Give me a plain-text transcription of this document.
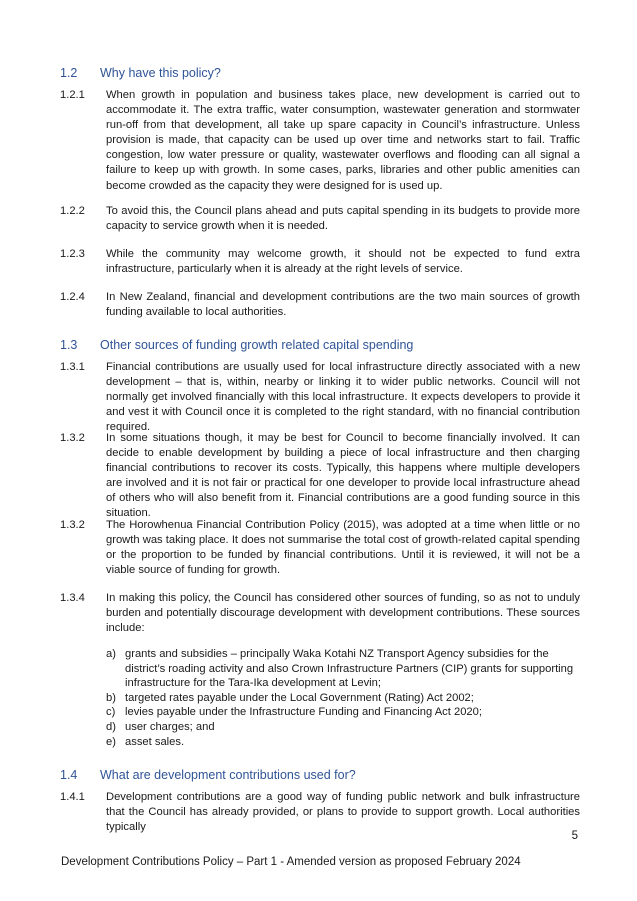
1.2 Why have this policy?
1.2.1 When growth in population and business takes place, new development is carried out to accommodate it. The extra traffic, water consumption, wastewater generation and stormwater run-off from that development, all take up spare capacity in Council’s infrastructure. Unless provision is made, that capacity can be used up over time and networks start to fail. Traffic congestion, low water pressure or quality, wastewater overflows and flooding can all signal a failure to keep up with growth. In some cases, parks, libraries and other public amenities can become crowded as the capacity they were designed for is used up.
1.2.2 To avoid this, the Council plans ahead and puts capital spending in its budgets to provide more capacity to service growth when it is needed.
1.2.3 While the community may welcome growth, it should not be expected to fund extra infrastructure, particularly when it is already at the right levels of service.
1.2.4 In New Zealand, financial and development contributions are the two main sources of growth funding available to local authorities.
1.3 Other sources of funding growth related capital spending
1.3.1 Financial contributions are usually used for local infrastructure directly associated with a new development – that is, within, nearby or linking it to wider public networks. Council will not normally get involved financially with this local infrastructure. It expects developers to provide it and vest it with Council once it is completed to the right standard, with no financial contribution required.
1.3.2 In some situations though, it may be best for Council to become financially involved. It can decide to enable development by building a piece of local infrastructure and then charging financial contributions to recover its costs. Typically, this happens where multiple developers are involved and it is not fair or practical for one developer to provide local infrastructure ahead of others who will also benefit from it. Financial contributions are a good funding source in this situation.
1.3.2 The Horowhenua Financial Contribution Policy (2015), was adopted at a time when little or no growth was taking place. It does not summarise the total cost of growth-related capital spending or the proportion to be funded by financial contributions. Until it is reviewed, it will not be a viable source of funding for growth.
1.3.4 In making this policy, the Council has considered other sources of funding, so as not to unduly burden and potentially discourage development with development contributions. These sources include:
a) grants and subsidies – principally Waka Kotahi NZ Transport Agency subsidies for the district’s roading activity and also Crown Infrastructure Partners (CIP) grants for supporting infrastructure for the Tara-Ika development at Levin;
b) targeted rates payable under the Local Government (Rating) Act 2002;
c) levies payable under the Infrastructure Funding and Financing Act 2020;
d) user charges; and
e) asset sales.
1.4 What are development contributions used for?
1.4.1 Development contributions are a good way of funding public network and bulk infrastructure that the Council has already provided, or plans to provide to support growth. Local authorities typically
5
Development Contributions Policy – Part 1 - Amended version as proposed February 2024
